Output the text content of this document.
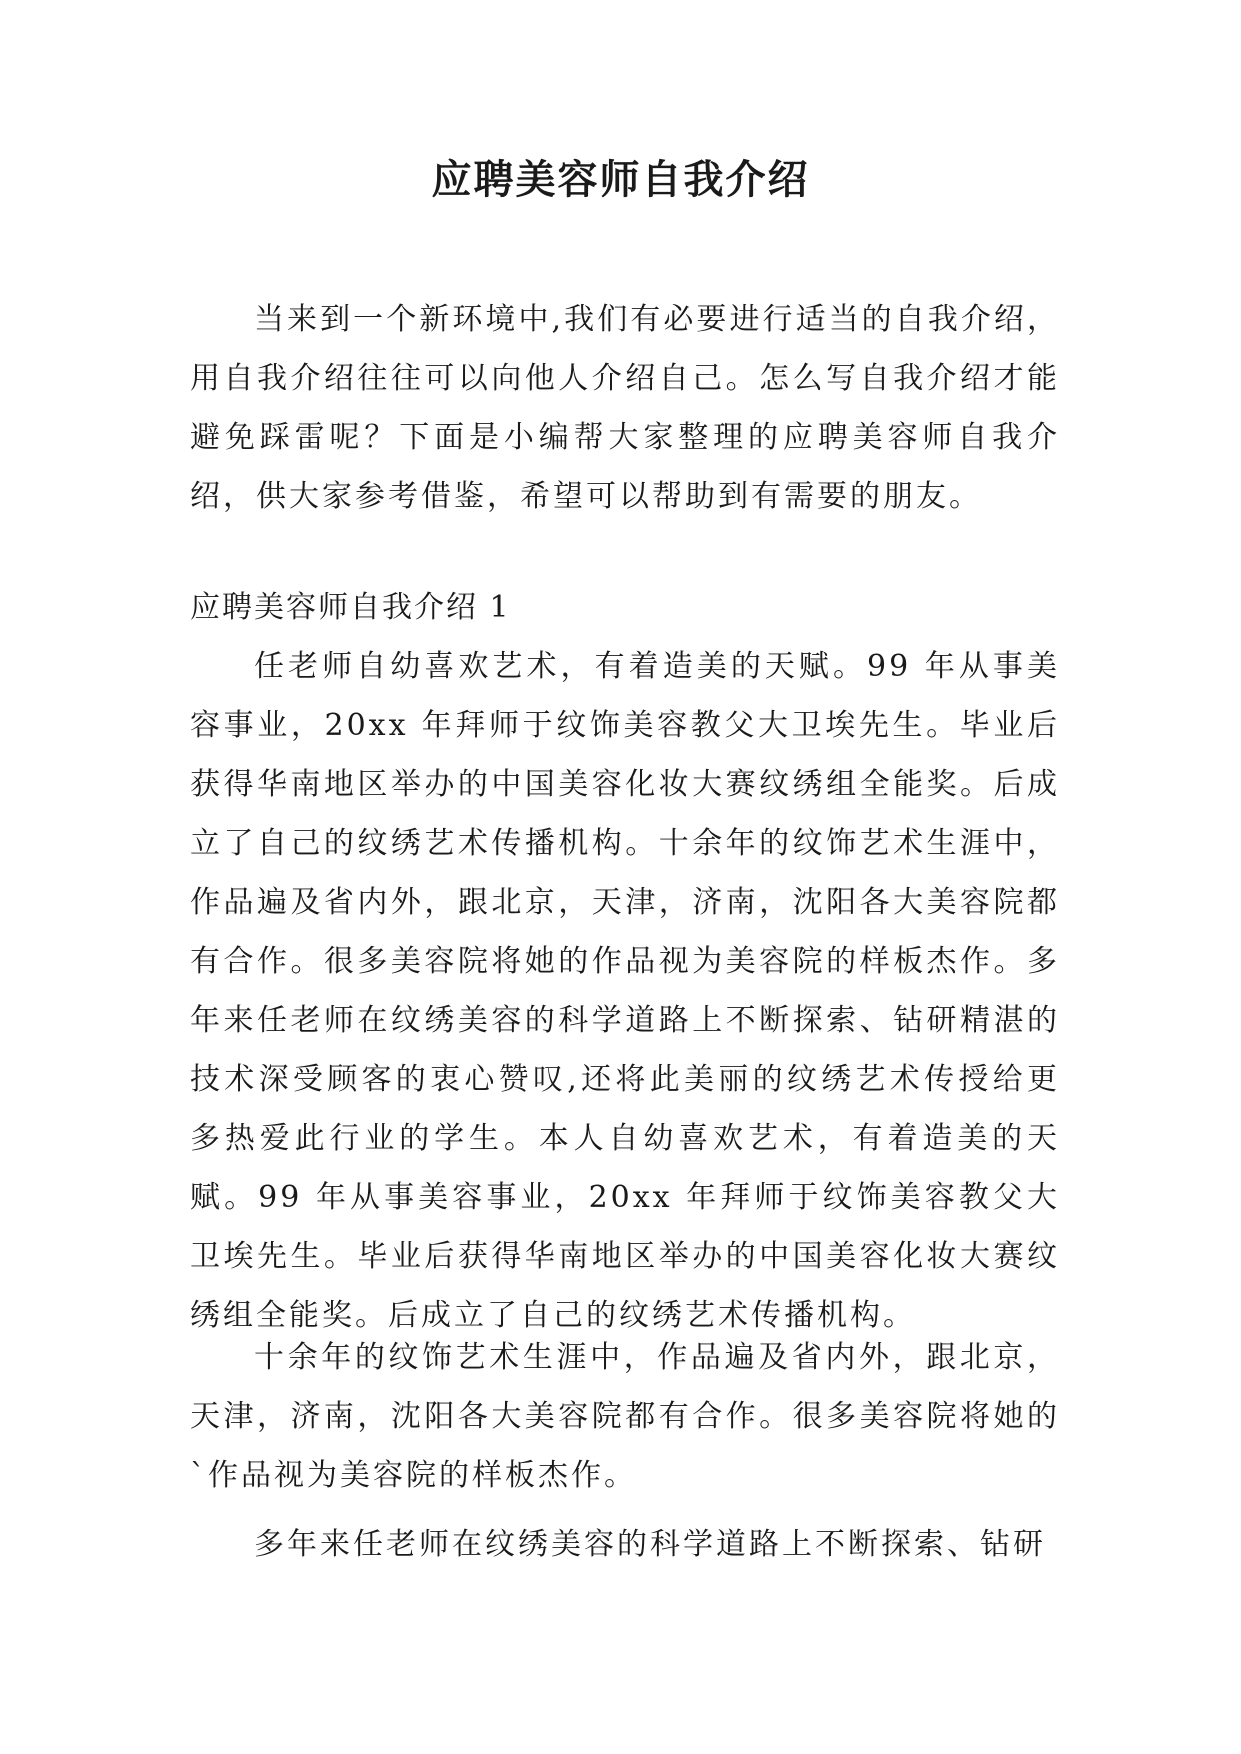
应聘美容师自我介绍

当来到一个新环境中,我们有必要进行适当的自我介绍，用自我介绍往往可以向他人介绍自己。怎么写自我介绍才能避免踩雷呢？下面是小编帮大家整理的应聘美容师自我介绍，供大家参考借鉴，希望可以帮助到有需要的朋友。

应聘美容师自我介绍 1

任老师自幼喜欢艺术，有着造美的天赋。99 年从事美容事业，20xx 年拜师于纹饰美容教父大卫埃先生。毕业后获得华南地区举办的中国美容化妆大赛纹绣组全能奖。后成立了自己的纹绣艺术传播机构。十余年的纹饰艺术生涯中，作品遍及省内外，跟北京，天津，济南，沈阳各大美容院都有合作。很多美容院将她的作品视为美容院的样板杰作。多年来任老师在纹绣美容的科学道路上不断探索、钻研精湛的技术深受顾客的衷心赞叹,还将此美丽的纹绣艺术传授给更多热爱此行业的学生。本人自幼喜欢艺术，有着造美的天赋。99 年从事美容事业，20xx 年拜师于纹饰美容教父大卫埃先生。毕业后获得华南地区举办的中国美容化妆大赛纹绣组全能奖。后成立了自己的纹绣艺术传播机构。

十余年的纹饰艺术生涯中，作品遍及省内外，跟北京，天津，济南，沈阳各大美容院都有合作。很多美容院将她的`作品视为美容院的样板杰作。

多年来任老师在纹绣美容的科学道路上不断探索、钻研
